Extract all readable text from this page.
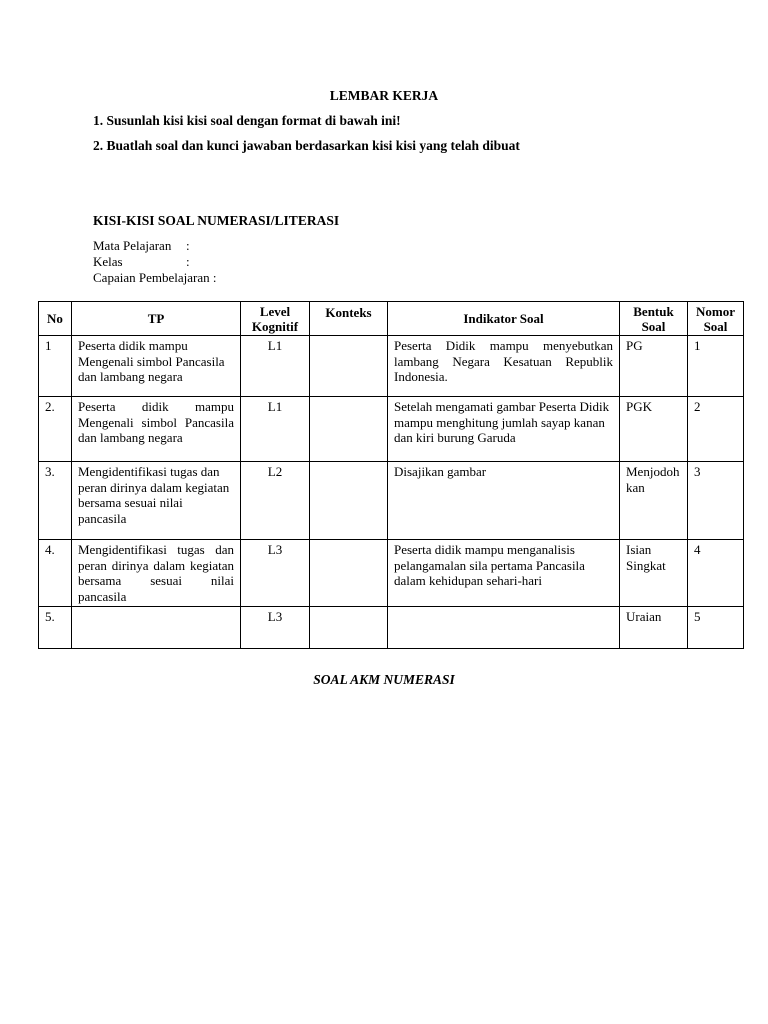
LEMBAR KERJA
1. Susunlah kisi kisi soal dengan format di bawah ini!
2. Buatlah soal dan kunci jawaban berdasarkan kisi kisi yang telah dibuat
KISI-KISI SOAL NUMERASI/LITERASI
Mata Pelajaran :
Kelas	:
Capaian Pembelajaran :
No	TP	Level Kognitif	Konteks	Indikator Soal	Bentuk Soal	Nomor Soal
1	Peserta didik mampu Mengenali simbol Pancasila dan lambang negara	L1		Peserta Didik mampu menyebutkan lambang Negara Kesatuan Republik Indonesia.	PG	1
2.	Peserta didik mampu Mengenali simbol Pancasila dan lambang negara	L1		Setelah mengamati gambar Peserta Didik mampu menghitung jumlah sayap kanan dan kiri burung Garuda	PGK	2
3.	Mengidentifikasi tugas dan peran dirinya dalam kegiatan bersama sesuai nilai pancasila	L2		Disajikan gambar	Menjodohkan	3
4.	Mengidentifikasi tugas dan peran dirinya dalam kegiatan bersama sesuai nilai pancasila	L3		Peserta didik mampu menganalisis pelangamalan sila pertama Pancasila dalam kehidupan sehari-hari	Isian Singkat	4
5.		L3			Uraian	5
SOAL AKM NUMERASI
